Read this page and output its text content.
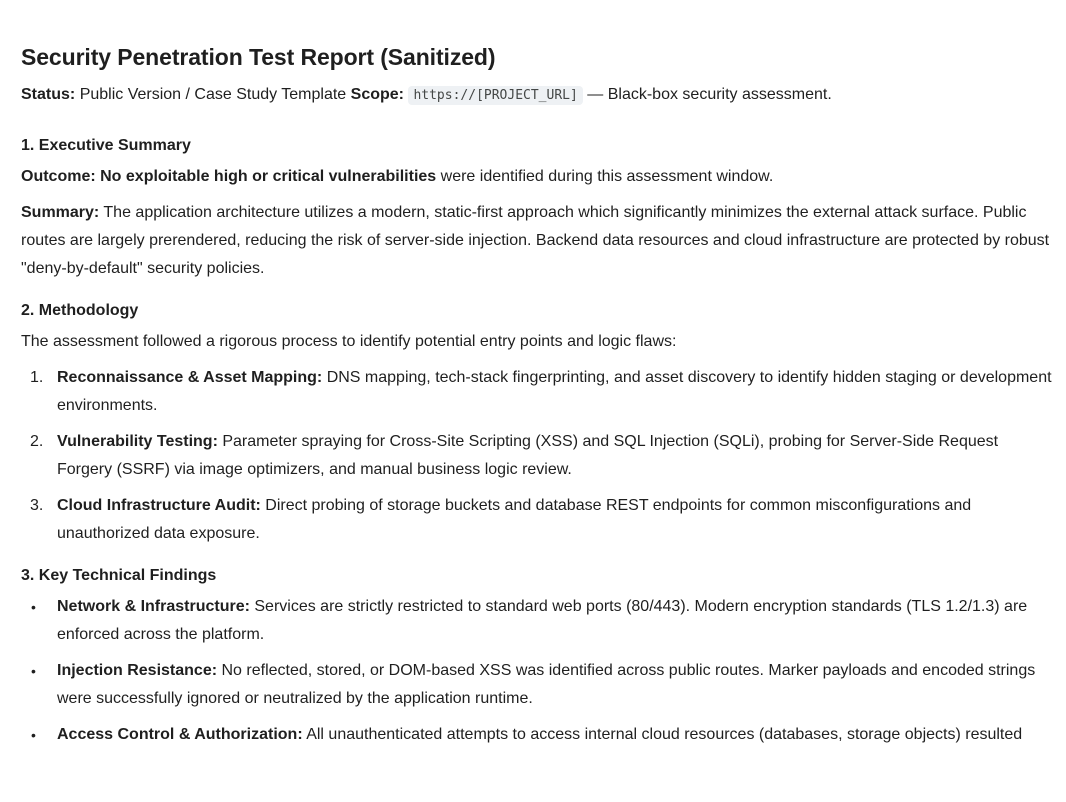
Security Penetration Test Report (Sanitized)

Status: Public Version / Case Study Template Scope: https://[PROJECT_URL] — Black-box security assessment.

1. Executive Summary

Outcome: No exploitable high or critical vulnerabilities were identified during this assessment window.

Summary: The application architecture utilizes a modern, static-first approach which significantly minimizes the external attack surface. Public routes are largely prerendered, reducing the risk of server-side injection. Backend data resources and cloud infrastructure are protected by robust "deny-by-default" security policies.

2. Methodology

The assessment followed a rigorous process to identify potential entry points and logic flaws:

1. Reconnaissance & Asset Mapping: DNS mapping, tech-stack fingerprinting, and asset discovery to identify hidden staging or development environments.
2. Vulnerability Testing: Parameter spraying for Cross-Site Scripting (XSS) and SQL Injection (SQLi), probing for Server-Side Request Forgery (SSRF) via image optimizers, and manual business logic review.
3. Cloud Infrastructure Audit: Direct probing of storage buckets and database REST endpoints for common misconfigurations and unauthorized data exposure.
3. Key Technical Findings
• Network & Infrastructure: Services are strictly restricted to standard web ports (80/443). Modern encryption standards (TLS 1.2/1.3) are enforced across the platform.
• Injection Resistance: No reflected, stored, or DOM-based XSS was identified across public routes. Marker payloads and encoded strings were successfully ignored or neutralized by the application runtime.
• Access Control & Authorization: All unauthenticated attempts to access internal cloud resources (databases, storage objects) resulted
